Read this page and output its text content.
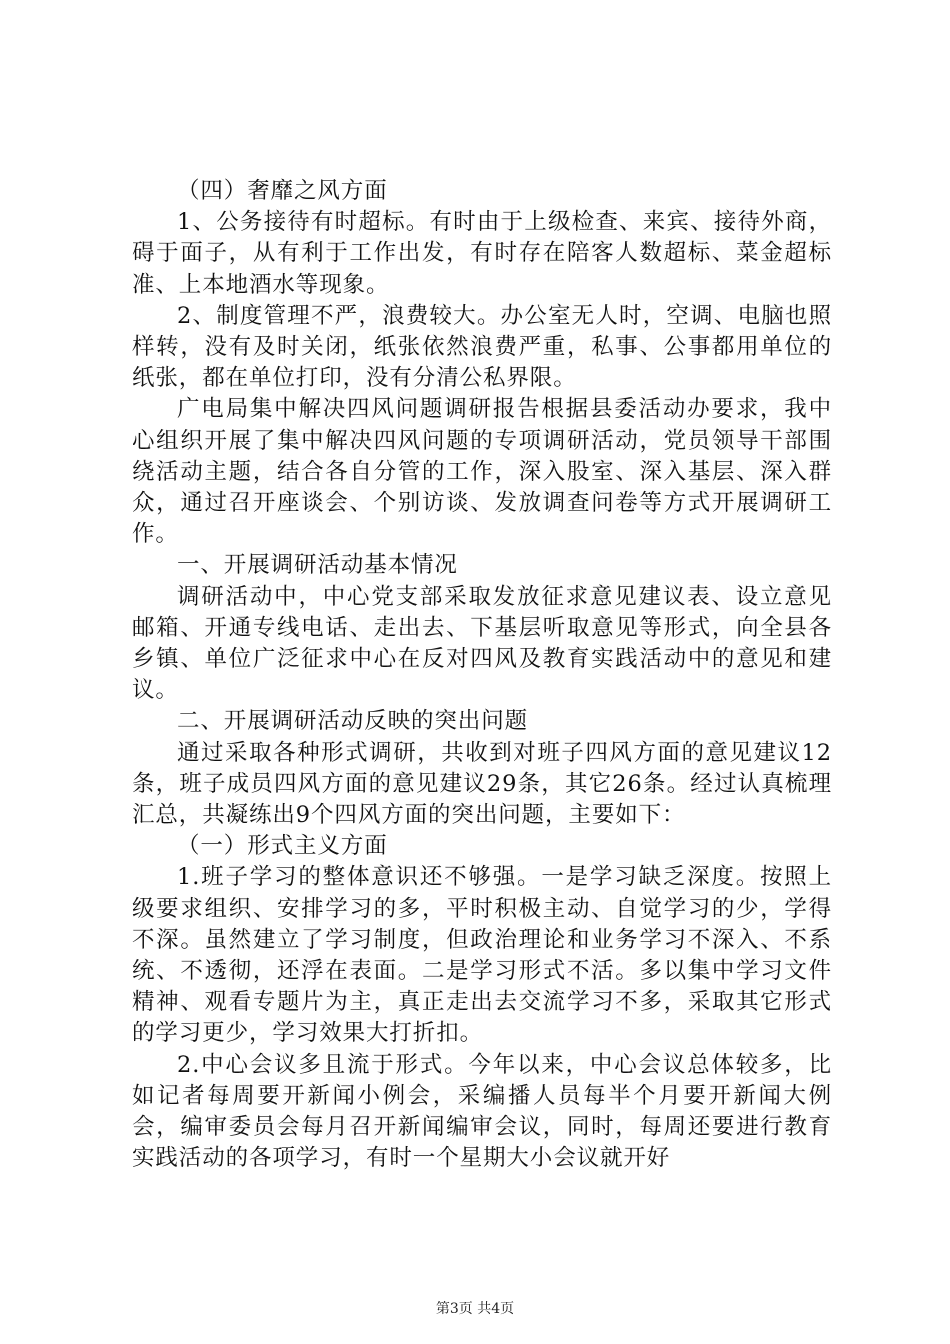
（四）奢靡之风方面

1、公务接待有时超标。有时由于上级检查、来宾、接待外商，碍于面子，从有利于工作出发，有时存在陪客人数超标、菜金超标准、上本地酒水等现象。

2、制度管理不严，浪费较大。办公室无人时，空调、电脑也照样转，没有及时关闭，纸张依然浪费严重，私事、公事都用单位的纸张，都在单位打印，没有分清公私界限。

广电局集中解决四风问题调研报告根据县委活动办要求，我中心组织开展了集中解决四风问题的专项调研活动，党员领导干部围绕活动主题，结合各自分管的工作，深入股室、深入基层、深入群众，通过召开座谈会、个别访谈、发放调查问卷等方式开展调研工作。

一、开展调研活动基本情况

调研活动中，中心党支部采取发放征求意见建议表、设立意见邮箱、开通专线电话、走出去、下基层听取意见等形式，向全县各乡镇、单位广泛征求中心在反对四风及教育实践活动中的意见和建议。

二、开展调研活动反映的突出问题

通过采取各种形式调研，共收到对班子四风方面的意见建议12条，班子成员四风方面的意见建议29条，其它26条。经过认真梳理汇总，共凝练出9个四风方面的突出问题，主要如下：

（一）形式主义方面

1.班子学习的整体意识还不够强。一是学习缺乏深度。按照上级要求组织、安排学习的多，平时积极主动、自觉学习的少，学得不深。虽然建立了学习制度，但政治理论和业务学习不深入、不系统、不透彻，还浮在表面。二是学习形式不活。多以集中学习文件精神、观看专题片为主，真正走出去交流学习不多，采取其它形式的学习更少，学习效果大打折扣。

2.中心会议多且流于形式。今年以来，中心会议总体较多，比如记者每周要开新闻小例会，采编播人员每半个月要开新闻大例会，编审委员会每月召开新闻编审会议，同时，每周还要进行教育实践活动的各项学习，有时一个星期大小会议就开好

第3页 共4页
